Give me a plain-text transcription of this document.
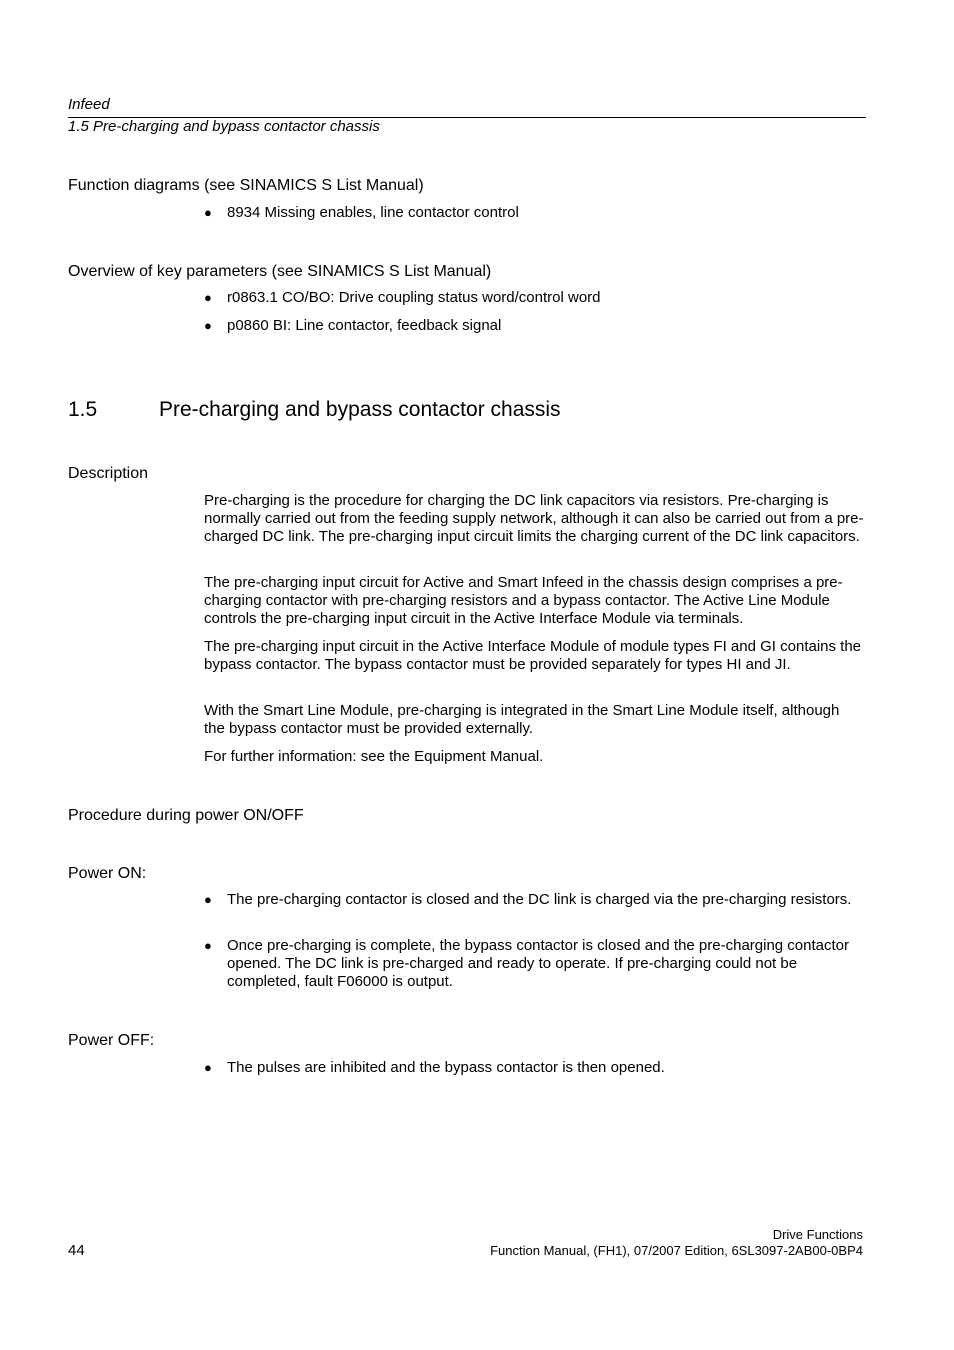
Infeed
1.5 Pre-charging and bypass contactor chassis
Function diagrams (see SINAMICS S List Manual)
● 8934 Missing enables, line contactor control
Overview of key parameters (see SINAMICS S List Manual)
● r0863.1 CO/BO: Drive coupling status word/control word
● p0860 BI: Line contactor, feedback signal
1.5	Pre-charging and bypass contactor chassis
Description
Pre-charging is the procedure for charging the DC link capacitors via resistors. Pre-charging is normally carried out from the feeding supply network, although it can also be carried out from a pre-charged DC link. The pre-charging input circuit limits the charging current of the DC link capacitors.
The pre-charging input circuit for Active and Smart Infeed in the chassis design comprises a pre-charging contactor with pre-charging resistors and a bypass contactor. The Active Line Module controls the pre-charging input circuit in the Active Interface Module via terminals.
The pre-charging input circuit in the Active Interface Module of module types FI and GI contains the bypass contactor. The bypass contactor must be provided separately for types HI and JI.
With the Smart Line Module, pre-charging is integrated in the Smart Line Module itself, although the bypass contactor must be provided externally.
For further information: see the Equipment Manual.
Procedure during power ON/OFF
Power ON:
● The pre-charging contactor is closed and the DC link is charged via the pre-charging resistors.
● Once pre-charging is complete, the bypass contactor is closed and the pre-charging contactor opened. The DC link is pre-charged and ready to operate. If pre-charging could not be completed, fault F06000 is output.
Power OFF:
● The pulses are inhibited and the bypass contactor is then opened.
44
Drive Functions
Function Manual, (FH1), 07/2007 Edition, 6SL3097-2AB00-0BP4
